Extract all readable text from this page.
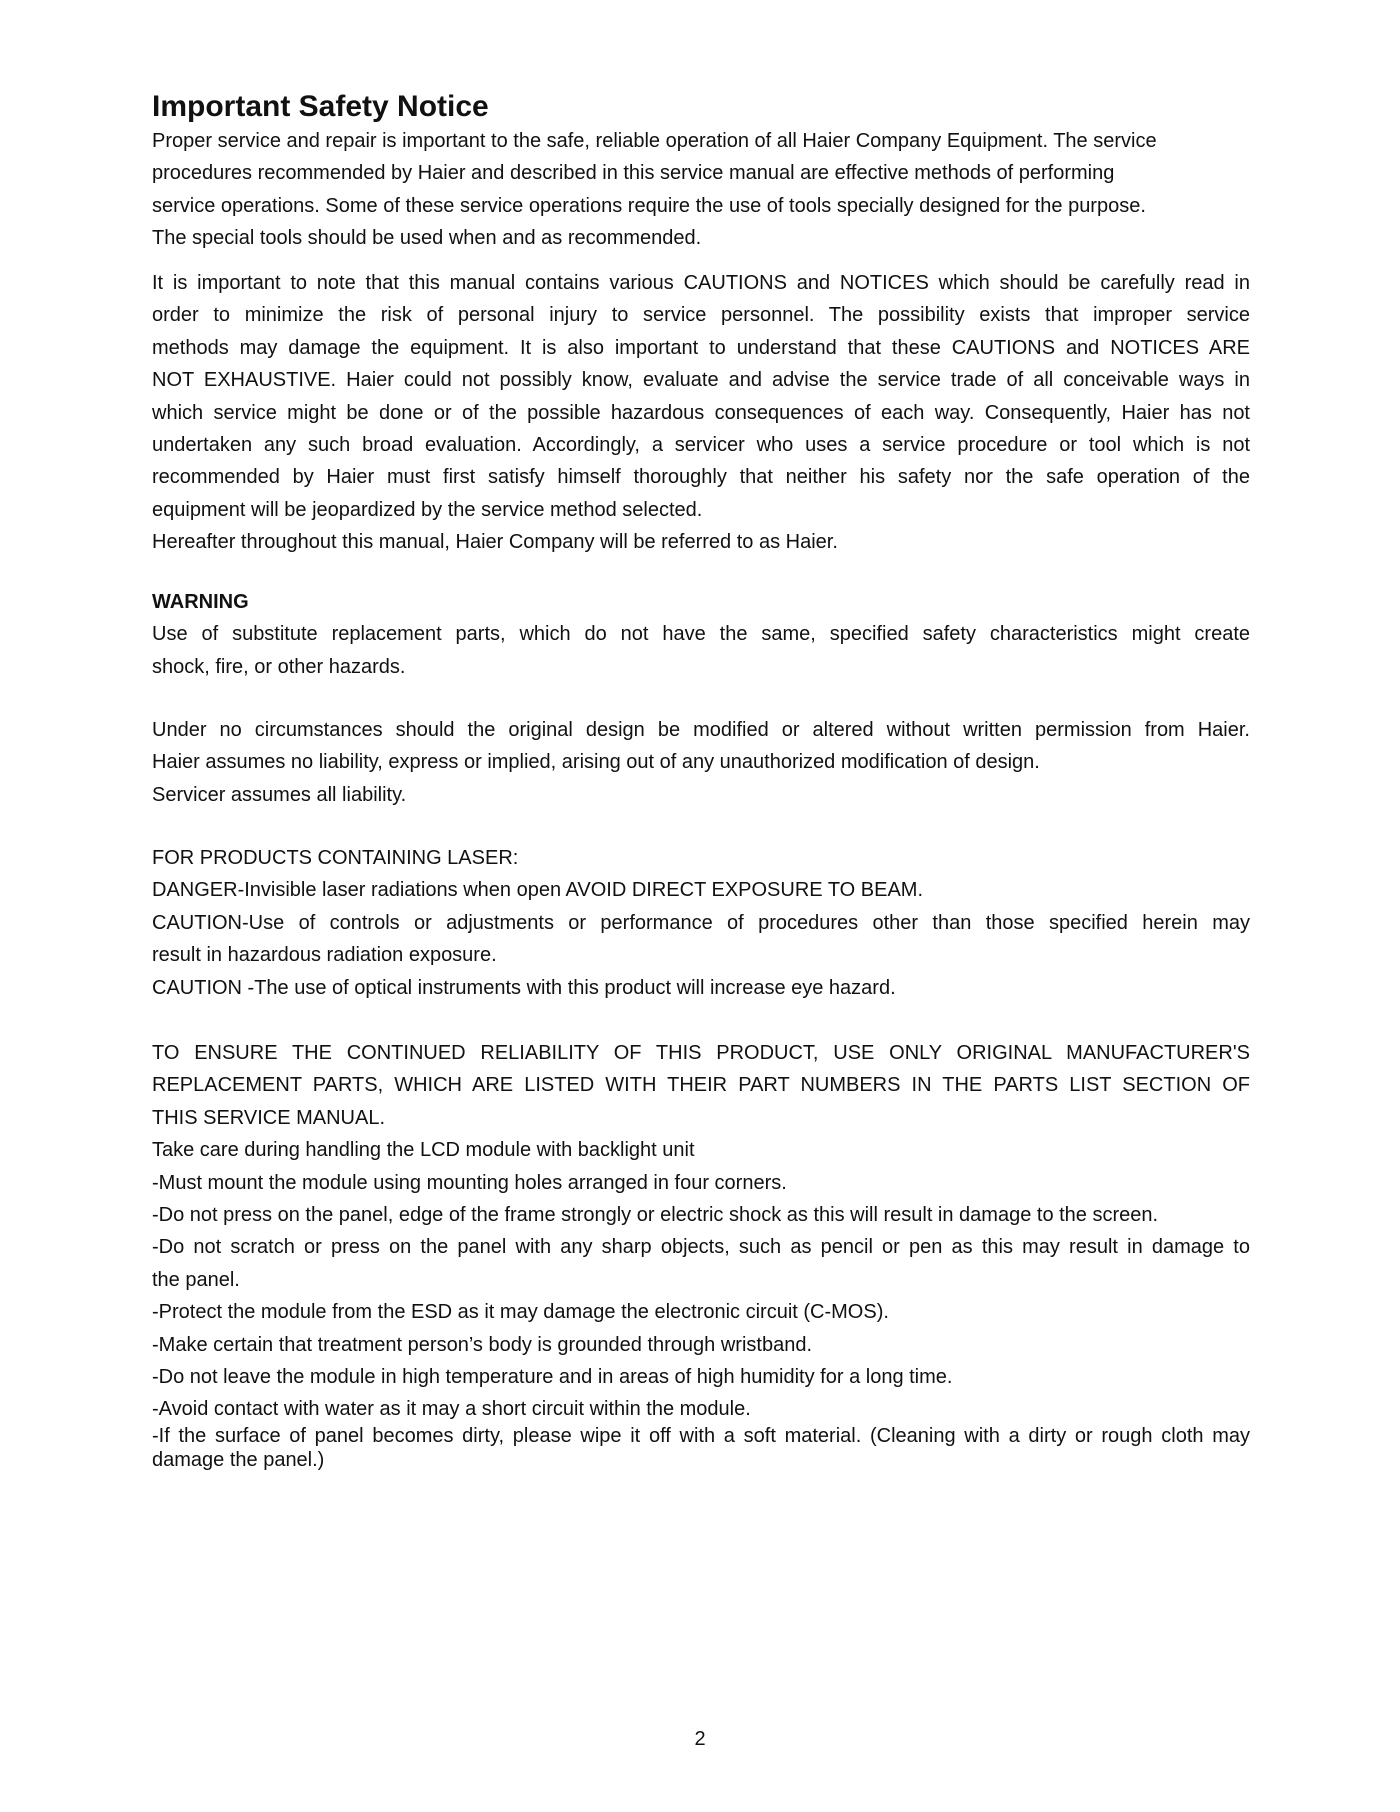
Important Safety Notice
Proper service and repair is important to the safe, reliable operation of all Haier Company Equipment. The service
procedures recommended by Haier and described in this service manual are effective methods of performing
service operations. Some of these service operations require the use of tools specially designed for the purpose.
The special tools should be used when and as recommended.
It is important to note that this manual contains various CAUTIONS and NOTICES which should be carefully read in
order to minimize the risk of personal injury to service personnel. The possibility exists that improper service
methods may damage the equipment. It is also important to understand that these CAUTIONS and NOTICES ARE
NOT EXHAUSTIVE. Haier could not possibly know, evaluate and advise the service trade of all conceivable ways in
which service might be done or of the possible hazardous consequences of each way. Consequently, Haier has not
undertaken any such broad evaluation. Accordingly, a servicer who uses a service procedure or tool which is not
recommended by Haier must first satisfy himself thoroughly that neither his safety nor the safe operation of the
equipment will be jeopardized by the service method selected.
Hereafter throughout this manual, Haier Company will be referred to as Haier.
WARNING
Use of substitute replacement parts, which do not have the same, specified safety characteristics might create
shock, fire, or other hazards.
Under no circumstances should the original design be modified or altered without written permission from Haier.
Haier assumes no liability, express or implied, arising out of any unauthorized modification of design.
Servicer assumes all liability.
FOR PRODUCTS CONTAINING LASER:
DANGER-Invisible laser radiations when open AVOID DIRECT EXPOSURE TO BEAM.
CAUTION-Use of controls or adjustments or performance of procedures other than those specified herein may
result in hazardous radiation exposure.
CAUTION -The use of optical instruments with this product will increase eye hazard.
TO ENSURE THE CONTINUED RELIABILITY OF THIS PRODUCT, USE ONLY ORIGINAL MANUFACTURER'S
REPLACEMENT PARTS, WHICH ARE LISTED WITH THEIR PART NUMBERS IN THE PARTS LIST SECTION OF
THIS SERVICE MANUAL.
Take care during handling the LCD module with backlight unit
-Must mount the module using mounting holes arranged in four corners.
-Do not press on the panel, edge of the frame strongly or electric shock as this will result in damage to the screen.
-Do not scratch or press on the panel with any sharp objects, such as pencil or pen as this may result in damage to
the panel.
-Protect the module from the ESD as it may damage the electronic circuit (C-MOS).
-Make certain that treatment person’s body is grounded through wristband.
-Do not leave the module in high temperature and in areas of high humidity for a long time.
-Avoid contact with water as it may a short circuit within the module.
-If the surface of panel becomes dirty, please wipe it off with a soft material. (Cleaning with a dirty or rough cloth may
damage the panel.)
2
